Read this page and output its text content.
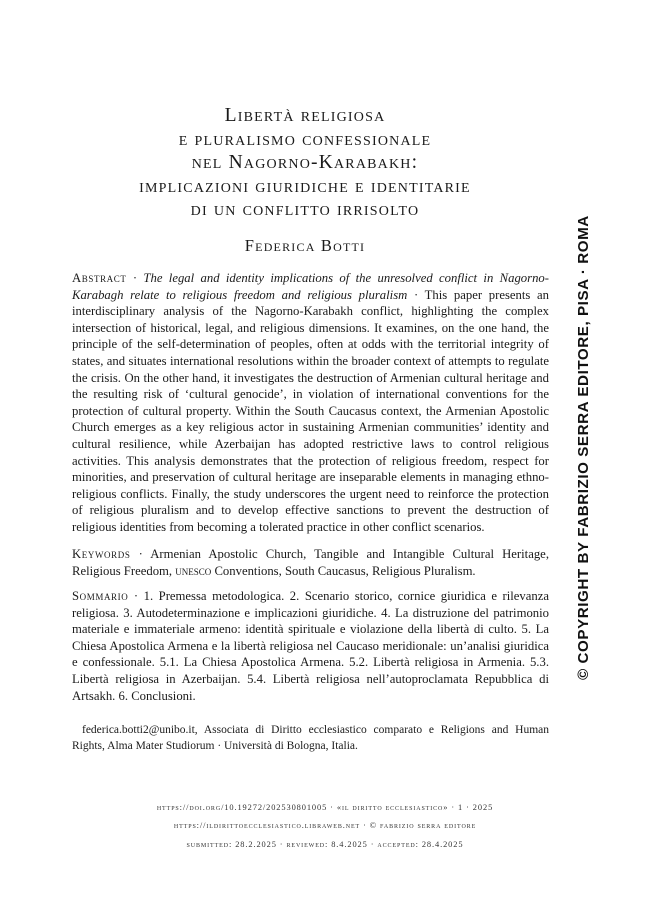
Libertà religiosa
e pluralismo confessionale
nel Nagorno-Karabakh:
implicazioni giuridiche e identitarie
di un conflitto irrisolto
Federica Botti
Abstract · The legal and identity implications of the unresolved conflict in Nagorno-Karabagh relate to religious freedom and religious pluralism · This paper presents an interdisciplinary analysis of the Nagorno-Karabakh conflict, highlighting the complex intersection of historical, legal, and religious dimensions. It examines, on the one hand, the principle of the self-determination of peoples, often at odds with the territorial integrity of states, and situates international resolutions within the broader context of attempts to regulate the crisis. On the other hand, it investigates the destruction of Armenian cultural heritage and the resulting risk of ‘cultural genocide’, in violation of international conventions for the protection of cultural property. Within the South Caucasus context, the Armenian Apostolic Church emerges as a key religious actor in sustaining Armenian communities’ identity and cultural resilience, while Azerbaijan has adopted restrictive laws to control religious activities. This analysis demonstrates that the protection of religious freedom, respect for minorities, and preservation of cultural heritage are inseparable elements in managing ethno-religious conflicts. Finally, the study underscores the urgent need to reinforce the protection of religious pluralism and to develop effective sanctions to prevent the destruction of religious identities from becoming a tolerated practice in other conflict scenarios.
Keywords · Armenian Apostolic Church, Tangible and Intangible Cultural Heritage, Religious Freedom, unesco Conventions, South Caucasus, Religious Pluralism.
Sommario · 1. Premessa metodologica. 2. Scenario storico, cornice giuridica e rilevanza religiosa. 3. Autodeterminazione e implicazioni giuridiche. 4. La distruzione del patrimonio materiale e immateriale armeno: identità spirituale e violazione della libertà di culto. 5. La Chiesa Apostolica Armena e la libertà religiosa nel Caucaso meridionale: un’analisi giuridica e confessionale. 5.1. La Chiesa Apostolica Armena. 5.2. Libertà religiosa in Armenia. 5.3. Libertà religiosa in Azerbaijan. 5.4. Libertà religiosa nell’autoproclamata Repubblica di Artsakh. 6. Conclusioni.
federica.botti2@unibo.it, Associata di Diritto ecclesiastico comparato e Religions and Human Rights, Alma Mater Studiorum · Università di Bologna, Italia.
https://doi.org/10.19272/202530801005 · «il diritto ecclesiastico» · 1 · 2025
https://ildirittoecclesiastico.libraweb.net · © fabrizio serra editore
submitted: 28.2.2025 · reviewed: 8.4.2025 · accepted: 28.4.2025
© COPYRIGHT BY FABRIZIO SERRA EDITORE, PISA · ROMA
